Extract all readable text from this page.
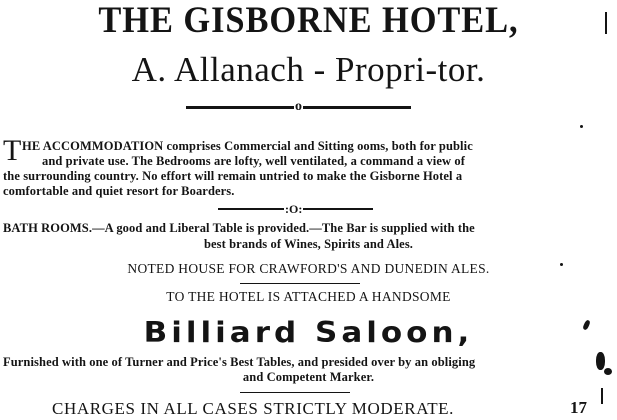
THE GISBORNE HOTEL,
A. Allanach - Propri-tor.
o
T HE ACCOMMODATION comprises Commercial and Sitting ooms, both for public
and private use. The Bedrooms are lofty, well ventilated, a command a view of
the surrounding country. No effort will remain untried to make the Gisborne Hotel a
comfortable and quiet resort for Boarders.
:O:
BATH ROOMS.—A good and Liberal Table is provided.—The Bar is supplied with the
best brands of Wines, Spirits and Ales.
NOTED HOUSE FOR CRAWFORD'S AND DUNEDIN ALES.
TO THE HOTEL IS ATTACHED A HANDSOME
Billiard Saloon,
Furnished with one of Turner and Price's Best Tables, and presided over by an obliging
and Competent Marker.
CHARGES IN ALL CASES STRICTLY MODERATE.	17
